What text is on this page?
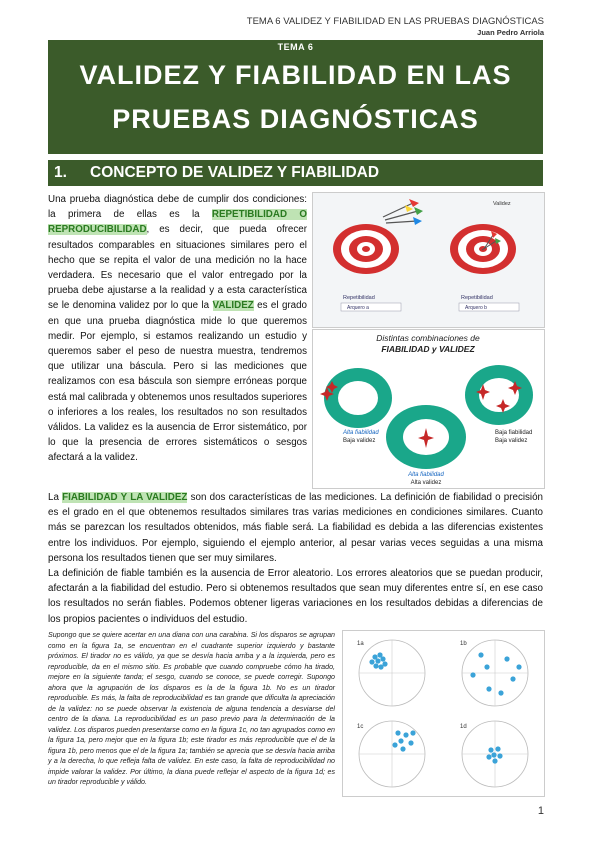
TEMA 6 VALIDEZ Y FIABILIDAD EN LAS PRUEBAS DIAGNÓSTICAS
Juan Pedro Arriola
TEMA 6
VALIDEZ Y FIABILIDAD EN LAS
PRUEBAS DIAGNÓSTICAS
1. CONCEPTO DE VALIDEZ Y FIABILIDAD
Una prueba diagnóstica debe de cumplir dos condiciones: la primera de ellas es la REPETIBILIDAD O REPRODUCIBILIDAD, es decir, que pueda ofrecer resultados comparables en situaciones similares pero el hecho que se repita el valor de una medición no la hace verdadera. Es necesario que el valor entregado por la prueba debe ajustarse a la realidad y a esta característica se le denomina validez por lo que la VALIDEZ es el grado en que una prueba diagnóstica mide lo que queremos medir. Por ejemplo, si estamos realizando un estudio y queremos saber el peso de nuestra muestra, tendremos que utilizar una báscula. Pero si las mediciones que realizamos con esa báscula son siempre erróneas porque está mal calibrada y obtenemos unos resultados superiores o inferiores a los reales, los resultados no son resultados válidos. La validez es la ausencia de Error sistemático, por lo que la presencia de errores sistemáticos o sesgos afectará a la validez.
Validez
Repetibilidad
Arquero a
Repetibilidad
Arquero b
Distintas combinaciones de
FIABILIDAD y VALIDEZ
Alta fiabilidad
Baja validez
Baja fiabilidad
Baja validez
Alta fiabilidad
Alta validez
La FIABILIDAD Y LA VALIDEZ son dos características de las mediciones. La definición de fiabilidad o precisión es el grado en el que obtenemos resultados similares tras varias mediciones en condiciones similares. Cuanto más se parezcan los resultados obtenidos, más fiable será. La fiabilidad es debida a las diferencias existentes entre los individuos. Por ejemplo, siguiendo el ejemplo anterior, al pesar varias veces seguidas a una misma persona los resultados tienen que ser muy similares.
La definición de fiable también es la ausencia de Error aleatorio. Los errores aleatorios que se puedan producir, afectarán a la fiabilidad del estudio. Pero si obtenemos resultados que sean muy diferentes entre sí, en ese caso los resultados no serán fiables. Podemos obtener ligeras variaciones en los resultados debidas a diferencias de los propios pacientes o individuos del estudio.
Supongo que se quiere acertar en una diana con una carabina. Si los disparos se agrupan como en la figura 1a, se encuentran en el cuadrante superior izquierdo y bastante próximos. El tirador no es válido, ya que se desvía hacia arriba y a la izquierda, pero es reproducible, da en el mismo sitio. Es probable que cuando compruebe cómo ha tirado, mejore en la siguiente tanda; el sesgo, cuando se conoce, se puede corregir. Supongo ahora que la agrupación de los disparos es la de la figura 1b. No es un tirador reproducible. Es más, la falta de reproducibilidad es tan grande que dificulta la apreciación de la validez: no se puede observar la existencia de alguna tendencia a desviarse del centro de la diana. La reproducibilidad es un paso previo para la determinación de la validez. Los disparos pueden presentarse como en la figura 1c, no tan agrupados como en la figura 1a, pero mejor que en la figura 1b; este tirador es más reproducible que el de la figura 1b, pero menos que el de la figura 1a; también se aprecia que se desvía hacia arriba y a la derecha, lo que refleja falta de validez. En este caso, la falta de reproducibilidad no impide valorar la validez. Por último, la diana puede reflejar el aspecto de la figura 1d; es un tirador reproducible y válido.
1a	1b
1c	1d
1
